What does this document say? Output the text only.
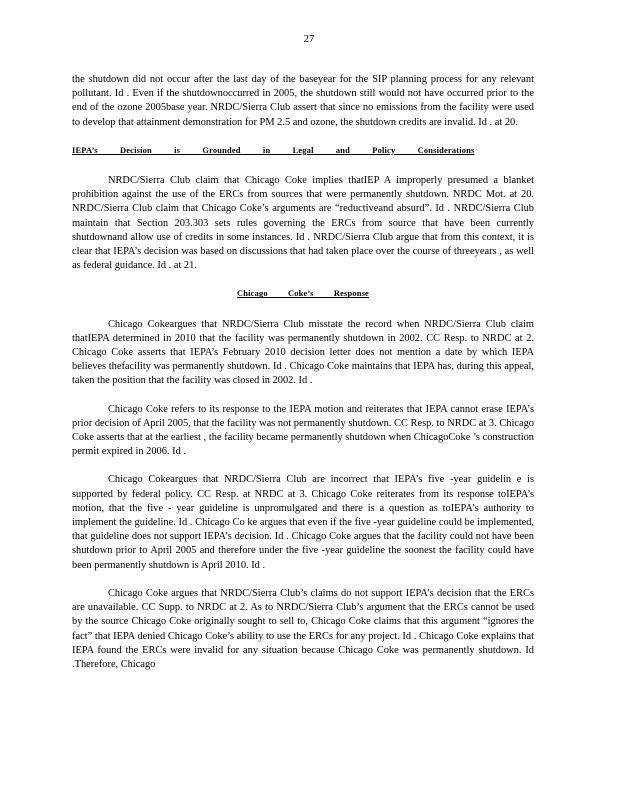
27

the shutdown did not occur after the last day of the baseyear for the SIP planning process for any relevant pollutant. Id . Even if the shutdownoccurred in 2005, the shutdown still would not have occurred prior to the end of the ozone 2005base year. NRDC/Sierra Club assert that since no emissions from the facility were used to develop that attainment demonstration for PM 2.5 and ozone, the shutdown credits are invalid. Id . at 20.

IEPA’s Decision is Grounded in Legal and Policy Considerations

NRDC/Sierra Club claim that Chicago Coke implies thatIEP A improperly presumed a blanket prohibition against the use of the ERCs from sources that were permanently shutdown. NRDC Mot. at 20. NRDC/Sierra Club claim that Chicago Coke’s arguments are “reductiveand absurd”. Id . NRDC/Sierra Club maintain that Section 203.303 sets rules governing the ERCs from source that have been currently shutdownand allow use of credits in some instances. Id . NRDC/Sierra Club argue that from this context, it is clear that IEPA’s decision was based on discussions that had taken place over the course of threeyears , as well as federal guidance. Id . at 21.

Chicago Coke’s Response

Chicago Cokeargues that NRDC/Sierra Club misstate the record when NRDC/Sierra Club claim thatIEPA determined in 2010 that the facility was permanently shutdown in 2002. CC Resp. to NRDC at 2. Chicago Coke asserts that IEPA’s February 2010 decision letter does not mention a date by which IEPA believes thefacility was permanently shutdown. Id . Chicago Coke maintains that IEPA has, during this appeal, taken the position that the facility was closed in 2002. Id .

Chicago Coke refers to its response to the IEPA motion and reiterates that IEPA cannot erase IEPA’s prior decision of April 2005, that the facility was not permanently shutdown. CC Resp. to NRDC at 3. Chicago Coke asserts that at the earliest , the facility became permanently shutdown when ChicagoCoke ’s construction permit expired in 2006. Id .

Chicago Cokeargues that NRDC/Sierra Club are incorrect that IEPA’s five -year guidelin e is supported by federal policy. CC Resp. at NRDC at 3. Chicago Coke reiterates from its response toIEPA’s motion, that the five - year guideline is unpromulgated and there is a question as toIEPA’s authority to implement the guideline. Id . Chicago Co ke argues that even if the five -year guideline could be implemented, that guideline does not support IEPA’s decision. Id . Chicago Coke argues that the facility could not have been shutdown prior to April 2005 and therefore under the five -year guideline the soonest the facility could have been permanently shutdown is April 2010. Id .

Chicago Coke argues that NRDC/Sierra Club’s claims do not support IEPA’s decision that the ERCs are unavailable. CC Supp. to NRDC at 2. As to NRDC/Sierra Club’s argument that the ERCs cannot be used by the source Chicago Coke originally sought to sell to, Chicago Coke claims that this argument “ignores the fact” that IEPA denied Chicago Coke’s ability to use the ERCs for any project. Id . Chicago Coke explains that IEPA found the ERCs were invalid for any situation because Chicago Coke was permanently shutdown. Id .Therefore, Chicago
